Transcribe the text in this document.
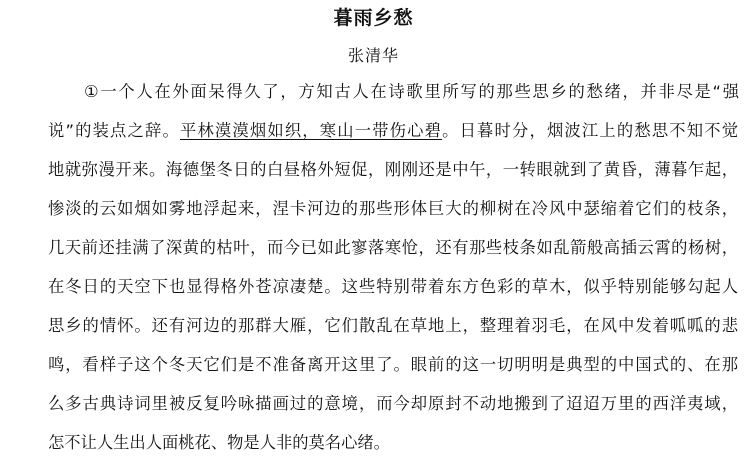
暮雨乡愁
张清华
①一个人在外面呆得久了，方知古人在诗歌里所写的那些思乡的愁绪，并非尽是“强
说”的装点之辞。平林漠漠烟如织，寒山一带伤心碧。日暮时分，烟波江上的愁思不知不觉
地就弥漫开来。海德堡冬日的白昼格外短促，刚刚还是中午，一转眼就到了黄昏，薄暮乍起，
惨淡的云如烟如雾地浮起来，涅卡河边的那些形体巨大的柳树在冷风中瑟缩着它们的枝条，
几天前还挂满了深黄的枯叶，而今已如此寥落寒怆，还有那些枝条如乱箭般高插云霄的杨树，
在冬日的天空下也显得格外苍凉凄楚。这些特别带着东方色彩的草木，似乎特别能够勾起人
思乡的情怀。还有河边的那群大雁，它们散乱在草地上，整理着羽毛，在风中发着呱呱的悲
鸣，看样子这个冬天它们是不准备离开这里了。眼前的这一切明明是典型的中国式的、在那
么多古典诗词里被反复吟咏描画过的意境，而今却原封不动地搬到了迢迢万里的西洋夷域，
怎不让人生出人面桃花、物是人非的莫名心绪。
